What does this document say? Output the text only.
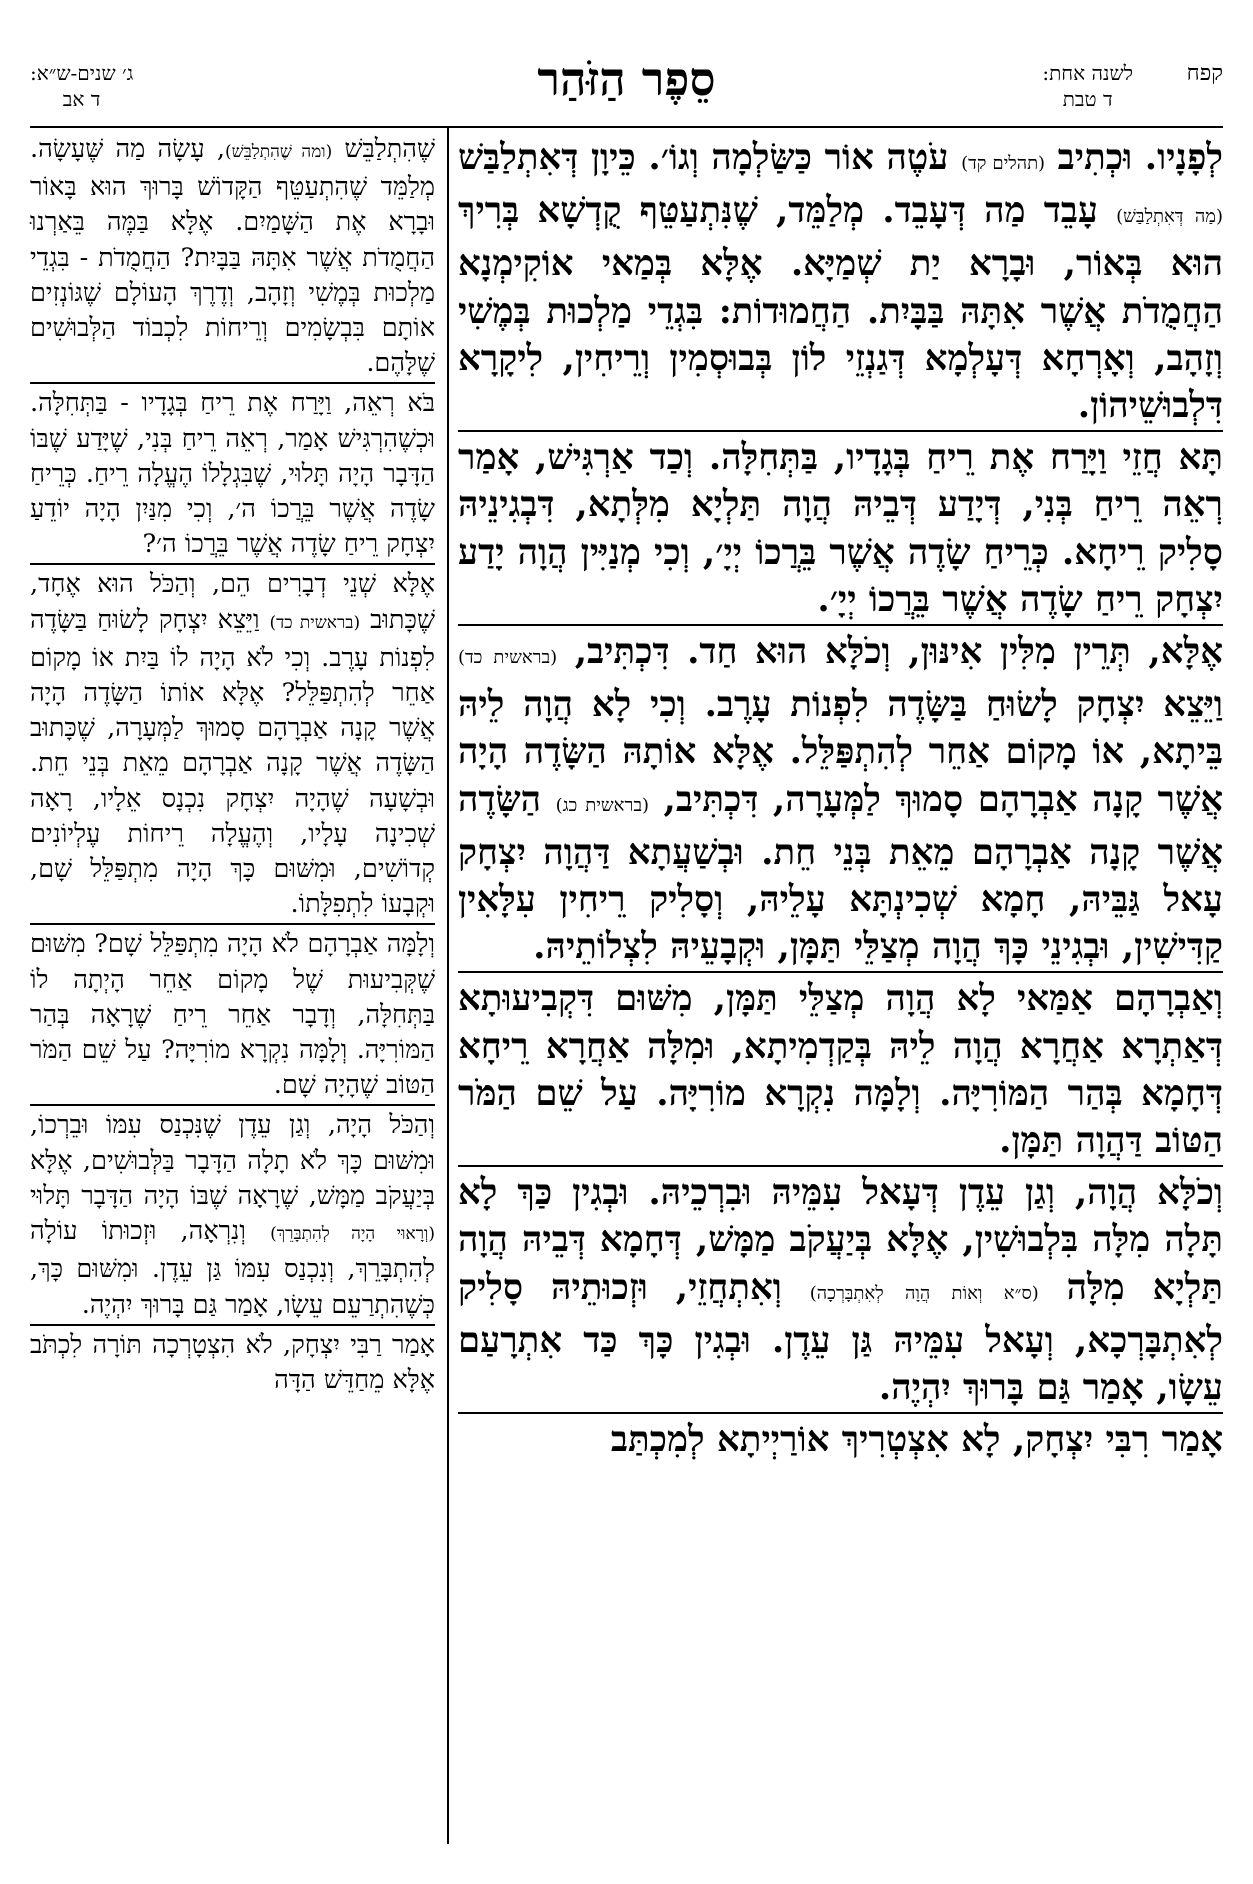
קפח
לשנה אחת:
ד טבת
סֵפֶר הַזֹּהַר
ג׳ שנים-ש״א:
ד אב

לְפָנָיו. וּכְתִיב (תהלים קד) עֹטֶה אוֹר כַּשַּׂלְמָה וְגוֹ׳. כֵּיוָן דְּאִתְלַבַּשׁ (מַה דְּאִתְלַבַּשׁ) עָבֵד מַה דְּעָבֵד. מְלַמֵּד, שֶׁנִּתְעַטֵּף קֻדְשָׁא בְּרִיךְ הוּא בְּאוֹר, וּבָרָא יַת שְׁמַיָּא. אֶלָּא בְּמַאי אוֹקִימְנָא הַחֲמֻדֹת אֲשֶׁר אִתָּהּ בַּבָּיִת. הַחֲמוּדוֹת: בִּגְדֵי מַלְכוּת בְּמֶשִׁי וְזָהָב, וְאָרְחָא דְּעָלְמָא דְּגַנְזֵי לוֹן בְּבוּסְמִין וְרֵיחִין, לִיקָרָא דִּלְבוּשֵׁיהוֹן.

תָּא חֲזֵי וַיָּרַח אֶת רֵיחַ בְּגָדָיו, בַּתְּחִלָּה. וְכַד אַרְגִּישׁ, אָמַר רְאֵה רֵיחַ בְּנִי, דְּיָדַע דְּבֵיהּ הֲוָה תַּלְיָא מִלְּתָא, דִּבְגִינֵיהּ סָלִיק רֵיחָא. כְּרֵיחַ שָׂדֶה אֲשֶׁר בֵּרֲכוֹ יְיָ׳, וְכִי מְנַיִּין הֲוָה יָדַע יִצְחָק רֵיחַ שָׂדֶה אֲשֶׁר בֵּרֲכוֹ יְיָ׳.

אֶלָּא, תְּרֵין מִלִּין אִינּוּן, וְכֹלָּא הוּא חַד. דִּכְתִּיב, (בראשית כד) וַיֵּצֵא יִצְחָק לָשׂוּחַ בַּשָּׂדֶה לִפְנוֹת עָרֶב. וְכִי לָא הֲוָה לֵיהּ בֵּיתָא, אוֹ מָקוֹם אַחֵר לְהִתְפַּלֵּל. אֶלָּא אוֹתָהּ הַשָּׂדֶה הָיָה אֲשֶׁר קָנָה אַבְרָהָם סָמוּךְ לַמְּעָרָה, דִּכְתִּיב, (בראשית כג) הַשָּׂדֶה אֲשֶׁר קָנָה אַבְרָהָם מֵאֵת בְּנֵי חֵת. וּבְשַׁעֲתָא דַּהֲוָה יִצְחָק עָאל גַּבֵּיהּ, חָמָא שְׁכִינְתָּא עָלֵיהּ, וְסָלִיק רֵיחִין עִלָּאִין קַדִּישִׁין, וּבְגִינֵי כָּךְ הֲוָה מְצַלֵּי תַּמָּן, וּקְבָעֵיהּ לִצְלוֹתֵיהּ.

וְאַבְרָהָם אַמַּאי לָא הֲוָה מְצַלֵּי תַּמָּן, מִשּׁוּם דִּקְבִיעוּתָא דְּאַתְרָא אַחֲרָא הֲוָה לֵיהּ בְּקַדְמִיתָא, וּמִלָּה אַחֲרָא רֵיחָא דְּחָמָא בְּהַר הַמּוֹרִיָּה. וְלָמָּה נִקְרָא מוֹרִיָּה. עַל שֵׁם הַמֹּר הַטּוֹב דַּהֲוָה תַּמָּן.

וְכֹלָּא הֲוָה, וְגַן עֵדֶן דְּעָאל עִמֵּיהּ וּבִרְכֵיהּ. וּבְגִין כַּךְ לָא תָּלָה מִלָּה בִּלְבוּשִׁין, אֶלָּא בְּיַעֲקֹב מַמָּשׁ, דְּחָמָא דְּבֵיהּ הֲוָה תַּלְיָא מִלָּה (ס״א וְאוֹת הֲוָה לְאִתְבָּרְכָה) וְאִתְחֲזֵי, וּזְכוּתֵיהּ סָלִיק לְאִתְבָּרְכָא, וְעָאל עִמֵּיהּ גַּן עֵדֶן. וּבְגִין כָּךְ כַּד אִתְרָעַם עֵשָׂו, אָמַר גַּם בָּרוּךְ יִהְיֶה.

אָמַר רִבִּי יִצְחָק, לָא אִצְטְרִיךְ אוֹרַיְיתָא לְמִכְתַּב

שֶׁהִתְלַבֵּשׁ (ומה שֶׁהִתְלַבֵּשׁ), עָשָׂה מַה שֶּׁעָשָׂה. מְלַמֵּד שֶׁהִתְעַטֵּף הַקָּדוֹשׁ בָּרוּךְ הוּא בָּאוֹר וּבָרָא אֶת הַשָּׁמַיִם. אֶלָּא בַּמֶּה בֵּאַרְנוּ הַחֲמֻדֹת אֲשֶׁר אִתָּהּ בַּבָּיִת? הַחֲמֻדֹת - בִּגְדֵי מַלְכוּת בְּמֶשִׁי וְזָהָב, וְדֶרֶךְ הָעוֹלָם שֶׁגּוֹנְזִים אוֹתָם בִּבְשָׂמִים וְרֵיחוֹת לִכְבוֹד הַלְּבוּשִׁים שֶׁלָּהֶם.

בֹּא רְאֵה, וַיָּרַח אֶת רֵיחַ בְּגָדָיו - בַּתְּחִלָּה. וּכְשֶׁהִרְגִּישׁ אָמַר, רְאֵה רֵיחַ בְּנִי, שֶׁיָּדַע שֶׁבּוֹ הַדָּבָר הָיָה תָּלוּי, שֶׁבִּגְלָלוֹ הֶעֱלָה רֵיחַ. כְּרֵיחַ שָׂדֶה אֲשֶׁר בֵּרֲכוֹ ה׳, וְכִי מִנַּיִן הָיָה יוֹדֵעַ יִצְחָק רֵיחַ שָׂדֶה אֲשֶׁר בֵּרֲכוֹ ה׳?

אֶלָּא שְׁנֵי דְבָרִים הֵם, וְהַכֹּל הוּא אֶחָד, שֶׁכָּתוּב (בראשית כד) וַיֵּצֵא יִצְחָק לָשׂוּחַ בַּשָּׂדֶה לִפְנוֹת עָרֶב. וְכִי לֹא הָיָה לוֹ בַּיִת אוֹ מָקוֹם אַחֵר לְהִתְפַּלֵּל? אֶלָּא אוֹתוֹ הַשָּׂדֶה הָיָה אֲשֶׁר קָנָה אַבְרָהָם סָמוּךְ לַמְּעָרָה, שֶׁכָּתוּב הַשָּׂדֶה אֲשֶׁר קָנָה אַבְרָהָם מֵאֵת בְּנֵי חֵת. וּבְשָׁעָה שֶׁהָיָה יִצְחָק נִכְנָס אֵלָיו, רָאָה שְׁכִינָה עָלָיו, וְהֶעֱלָה רֵיחוֹת עֶלְיוֹנִים קְדוֹשִׁים, וּמִשּׁוּם כָּךְ הָיָה מִתְפַּלֵּל שָׁם, וּקְבָעוֹ לִתְפִלָּתוֹ.

וְלָמָּה אַבְרָהָם לֹא הָיָה מִתְפַּלֵּל שָׁם? מִשּׁוּם שֶׁקְּבִיעוּת שֶׁל מָקוֹם אַחֵר הָיְתָה לוֹ בַּתְּחִלָּה, וְדָבָר אַחֵר רֵיחַ שֶׁרָאָה בְּהַר הַמּוֹרִיָּה. וְלָמָּה נִקְרָא מוֹרִיָּה? עַל שֵׁם הַמֹּר הַטּוֹב שֶׁהָיָה שָׁם.

וְהַכֹּל הָיָה, וְגַן עֵדֶן שֶׁנִּכְנַס עִמּוֹ וּבֵרְכוֹ, וּמִשּׁוּם כָּךְ לֹא תָלָה הַדָּבָר בַּלְּבוּשִׁים, אֶלָּא בְּיַעֲקֹב מַמָּשׁ, שֶׁרָאָה שֶׁבּוֹ הָיָה הַדָּבָר תָּלוּי (וְרָאוּי הָיָה לְהִתְבָּרֵךְ) וְנִרְאָה, וּזְכוּתוֹ עוֹלָה לְהִתְבָּרֵךְ, וְנִכְנַס עִמּוֹ גַּן עֵדֶן. וּמִשּׁוּם כָּךְ, כְּשֶׁהִתְרַעֵם עֵשָׂו, אָמַר גַּם בָּרוּךְ יִהְיֶה.

אָמַר רַבִּי יִצְחָק, לֹא הִצְטָרְכָה תּוֹרָה לִכְתֹּב אֶלָּא מֵחַדֵּשׁ הַדָּה
